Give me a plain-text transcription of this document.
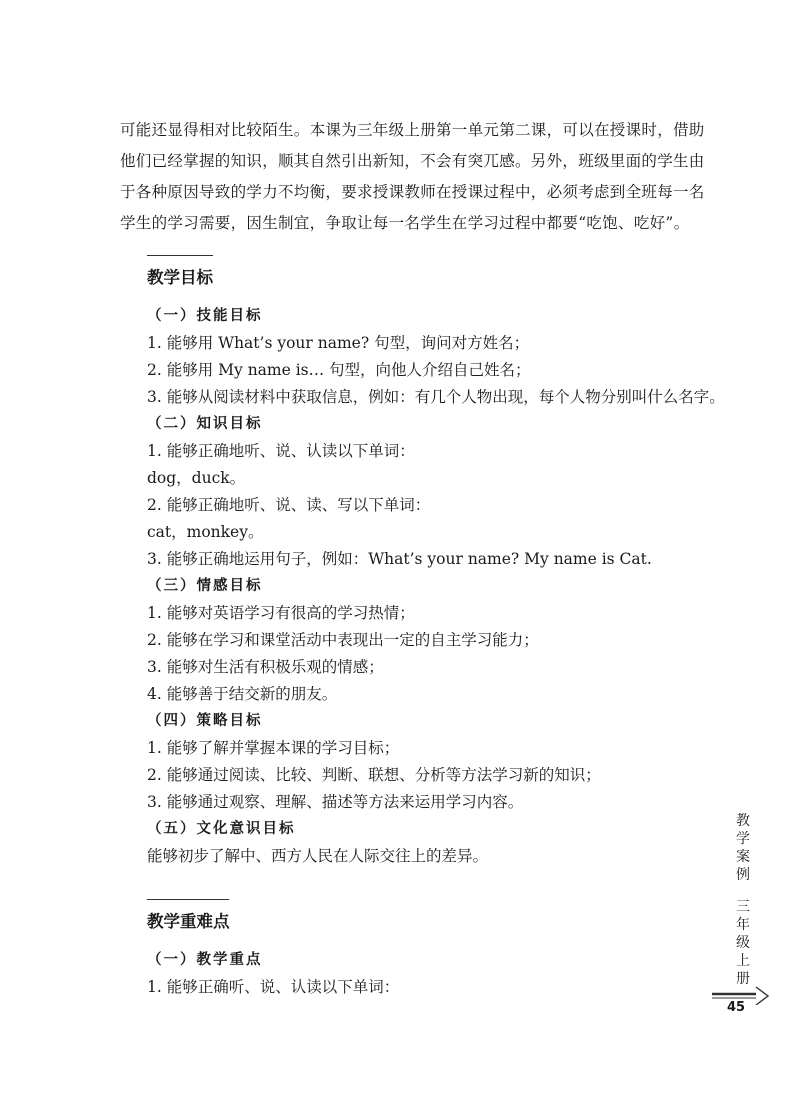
可能还显得相对比较陌生。本课为三年级上册第一单元第二课，可以在授课时，借助
他们已经掌握的知识，顺其自然引出新知，不会有突兀感。另外，班级里面的学生由
于各种原因导致的学力不均衡，要求授课教师在授课过程中，必须考虑到全班每一名
学生的学习需要，因生制宜，争取让每一名学生在学习过程中都要“吃饱、吃好”。
教学目标
（一）技能目标
1. 能够用 What’s your name? 句型，询问对方姓名；
2. 能够用 My name is… 句型，向他人介绍自己姓名；
3. 能够从阅读材料中获取信息，例如：有几个人物出现，每个人物分别叫什么名字。
（二）知识目标
1. 能够正确地听、说、认读以下单词：
dog，duck。
2. 能够正确地听、说、读、写以下单词：
cat，monkey。
3. 能够正确地运用句子，例如：What’s your name? My name is Cat.
（三）情感目标
1. 能够对英语学习有很高的学习热情；
2. 能够在学习和课堂活动中表现出一定的自主学习能力；
3. 能够对生活有积极乐观的情感；
4. 能够善于结交新的朋友。
（四）策略目标
1. 能够了解并掌握本课的学习目标；
2. 能够通过阅读、比较、判断、联想、分析等方法学习新的知识；
3. 能够通过观察、理解、描述等方法来运用学习内容。
（五）文化意识目标
能够初步了解中、西方人民在人际交往上的差异。
教学重难点
（一）教学重点
1. 能够正确听、说、认读以下单词：
教
学
案
例
三
年
级
上
册
45
